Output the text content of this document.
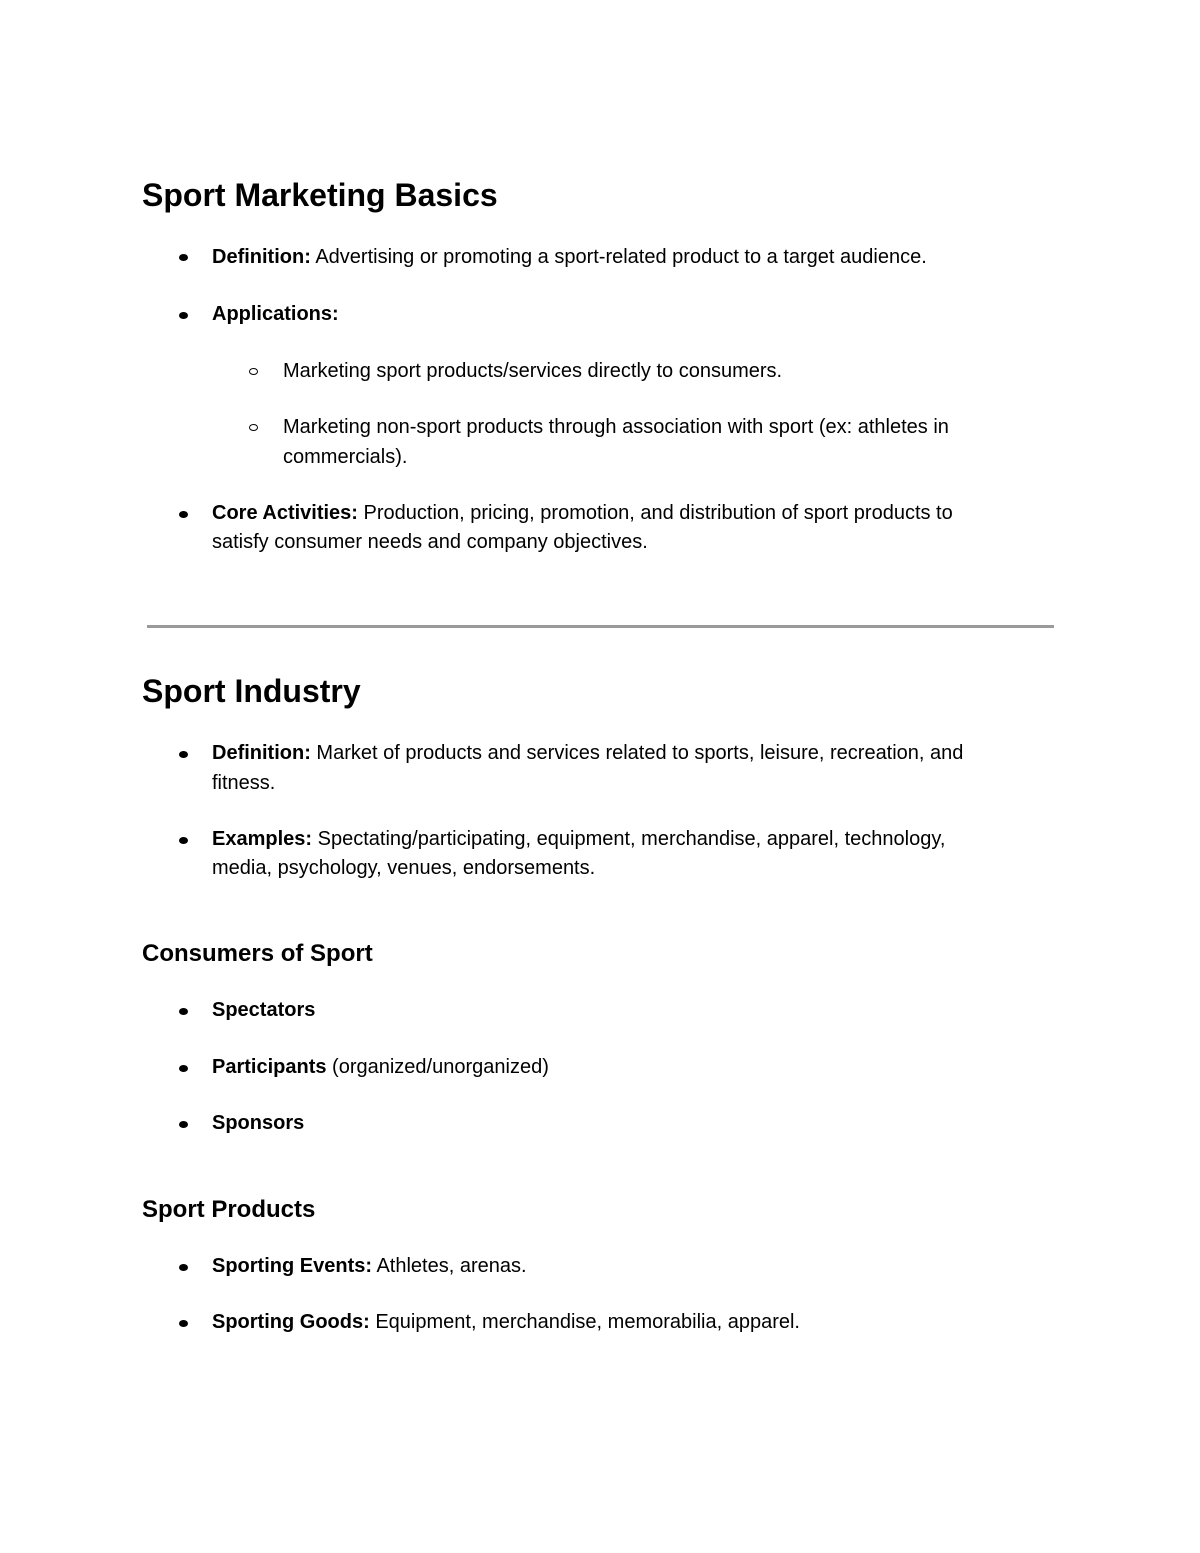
Sport Marketing Basics

Definition: Advertising or promoting a sport-related product to a target audience.

Applications:

Marketing sport products/services directly to consumers.

Marketing non-sport products through association with sport (ex: athletes in

commercials).

Core Activities: Production, pricing, promotion, and distribution of sport products to

satisfy consumer needs and company objectives.

Sport Industry

Definition: Market of products and services related to sports, leisure, recreation, and

fitness.

Examples: Spectating/participating, equipment, merchandise, apparel, technology,

media, psychology, venues, endorsements.

Consumers of Sport

Spectators

Participants (organized/unorganized)

Sponsors

Sport Products

Sporting Events: Athletes, arenas.

Sporting Goods: Equipment, merchandise, memorabilia, apparel.
